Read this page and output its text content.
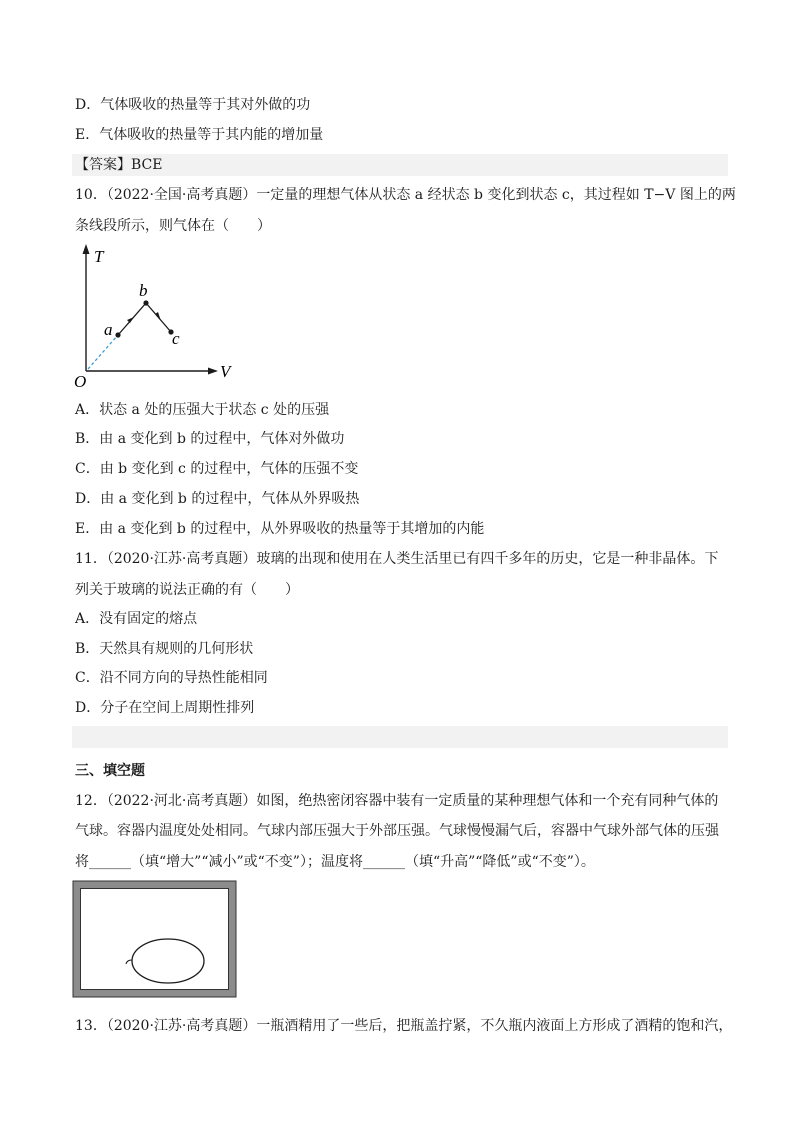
D．气体吸收的热量等于其对外做的功
E．气体吸收的热量等于其内能的增加量
【答案】BCE
10．（2022·全国·高考真题）一定量的理想气体从状态 a 经状态 b 变化到状态 c，其过程如 T−V 图上的两
条线段所示，则气体在（　　）
T
V
O
a
b
c
A．状态 a 处的压强大于状态 c 处的压强
B．由 a 变化到 b 的过程中，气体对外做功
C．由 b 变化到 c 的过程中，气体的压强不变
D．由 a 变化到 b 的过程中，气体从外界吸热
E．由 a 变化到 b 的过程中，从外界吸收的热量等于其增加的内能
11．（2020·江苏·高考真题）玻璃的出现和使用在人类生活里已有四千多年的历史，它是一种非晶体。下
列关于玻璃的说法正确的有（　　）
A．没有固定的熔点
B．天然具有规则的几何形状
C．沿不同方向的导热性能相同
D．分子在空间上周期性排列
三、填空题
12．（2022·河北·高考真题）如图，绝热密闭容器中装有一定质量的某种理想气体和一个充有同种气体的
气球。容器内温度处处相同。气球内部压强大于外部压强。气球慢慢漏气后，容器中气球外部气体的压强
将______（填“增大”“减小”或“不变”）；温度将______（填“升高”“降低”或“不变”）。
13．（2020·江苏·高考真题）一瓶酒精用了一些后，把瓶盖拧紧，不久瓶内液面上方形成了酒精的饱和汽，
